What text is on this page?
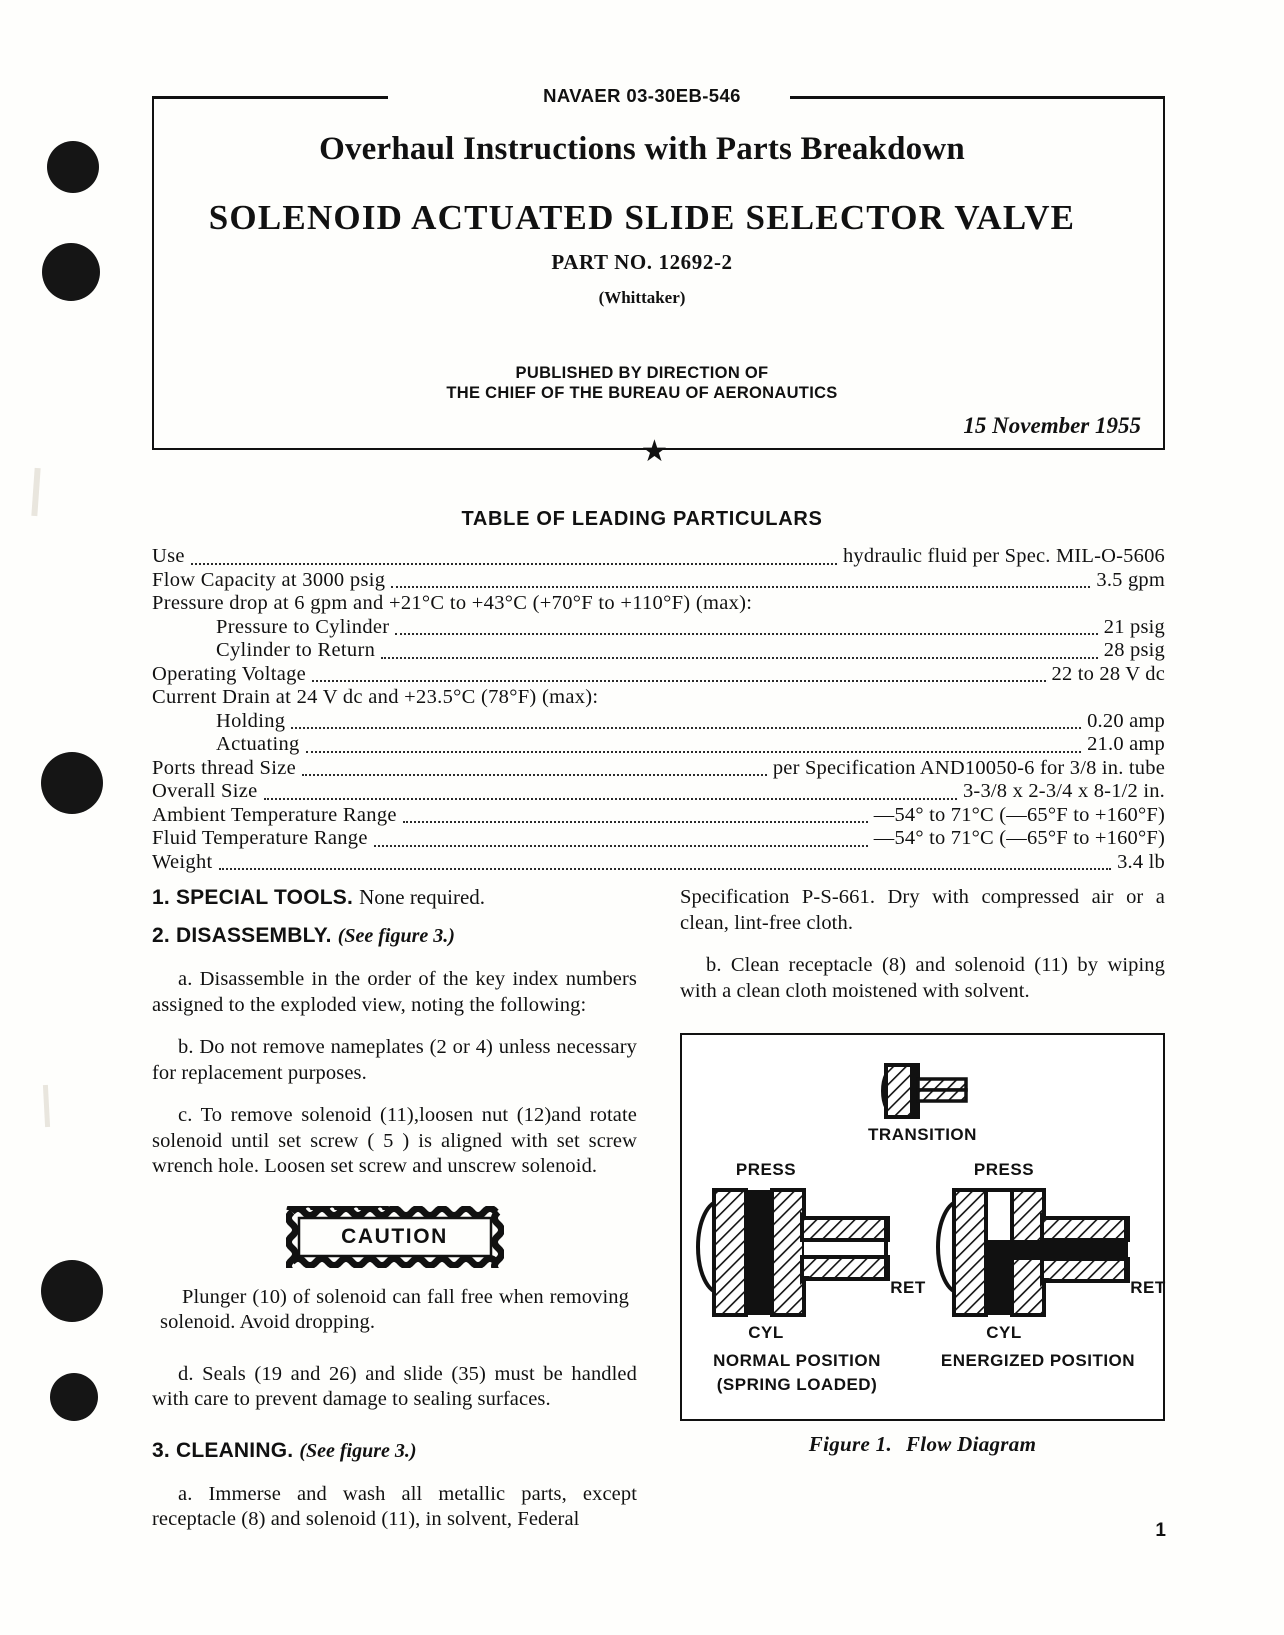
NAVAER 03-30EB-546
Overhaul Instructions with Parts Breakdown
SOLENOID ACTUATED SLIDE SELECTOR VALVE
PART NO. 12692-2
(Whittaker)
PUBLISHED BY DIRECTION OF
THE CHIEF OF THE BUREAU OF AERONAUTICS
15 November 1955
★
TABLE OF LEADING PARTICULARS
Use	hydraulic fluid per Spec. MIL-O-5606
Flow Capacity at 3000 psig	3.5 gpm
Pressure drop at 6 gpm and +21°C to +43°C (+70°F to +110°F) (max):
Pressure to Cylinder	21 psig
Cylinder to Return	28 psig
Operating Voltage	22 to 28 V dc
Current Drain at 24 V dc and +23.5°C (78°F) (max):
Holding	0.20 amp
Actuating	21.0 amp
Ports thread Size	per Specification AND10050-6 for 3/8 in. tube
Overall Size	3-3/8 x 2-3/4 x 8-1/2 in.
Ambient Temperature Range	—54° to 71°C (—65°F to +160°F)
Fluid Temperature Range	—54° to 71°C (—65°F to +160°F)
Weight	3.4 lb
1. SPECIAL TOOLS. None required.
2. DISASSEMBLY. (See figure 3.)

a. Disassemble in the order of the key index numbers assigned to the exploded view, noting the following:

b. Do not remove nameplates (2 or 4) unless necessary for replacement purposes.

c. To remove solenoid (11),loosen nut (12)and rotate solenoid until set screw ( 5 ) is aligned with set screw wrench hole. Loosen set screw and unscrew solenoid.

CAUTION

Plunger (10) of solenoid can fall free when removing solenoid. Avoid dropping.

d. Seals (19 and 26) and slide (35) must be handled with care to prevent damage to sealing surfaces.

3. CLEANING. (See figure 3.)

a. Immerse and wash all metallic parts, except receptacle (8) and solenoid (11), in solvent, Federal

Specification P-S-661. Dry with compressed air or a clean, lint-free cloth.

b. Clean receptacle (8) and solenoid (11) by wiping with a clean cloth moistened with solvent.

TRANSITION
PRESS
RET
CYL
NORMAL POSITION
(SPRING LOADED)
PRESS
RET
CYL
ENERGIZED POSITION
Figure 1. Flow Diagram
1
